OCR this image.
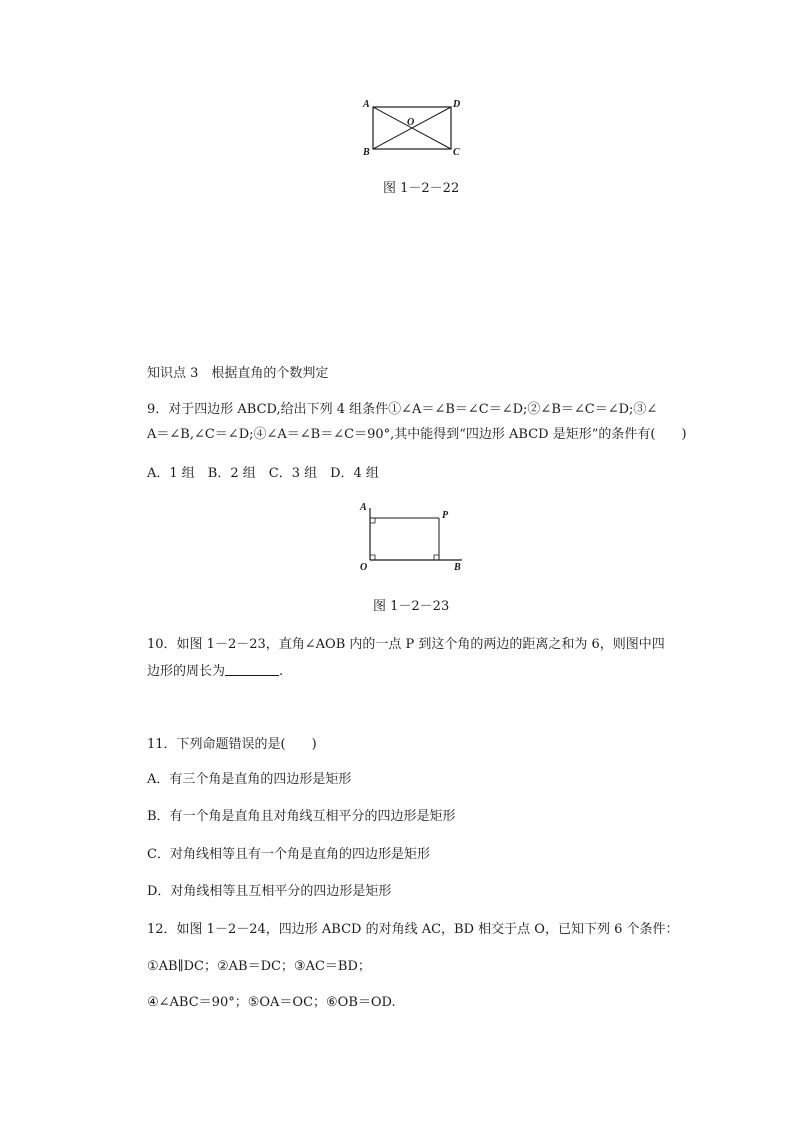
A	D
O
B	C
图 1－2－22
知识点 3　根据直角的个数判定
9．对于四边形 ABCD,给出下列 4 组条件①∠A＝∠B＝∠C＝∠D;②∠B＝∠C＝∠D;③∠
A＝∠B,∠C＝∠D;④∠A＝∠B＝∠C＝90°,其中能得到“四边形 ABCD 是矩形”的条件有( )
A．1 组　B．2 组　C．3 组　D．4 组
A
P
O	B
图 1－2－23
10．如图 1－2－23，直角∠AOB 内的一点 P 到这个角的两边的距离之和为 6，则图中四
边形的周长为	.
11．下列命题错误的是( )
A．有三个角是直角的四边形是矩形
B．有一个角是直角且对角线互相平分的四边形是矩形
C．对角线相等且有一个角是直角的四边形是矩形
D．对角线相等且互相平分的四边形是矩形
12．如图 1－2－24，四边形 ABCD 的对角线 AC，BD 相交于点 O，已知下列 6 个条件：
①AB∥DC；②AB＝DC；③AC＝BD；
④∠ABC＝90°；⑤OA＝OC；⑥OB＝OD.
